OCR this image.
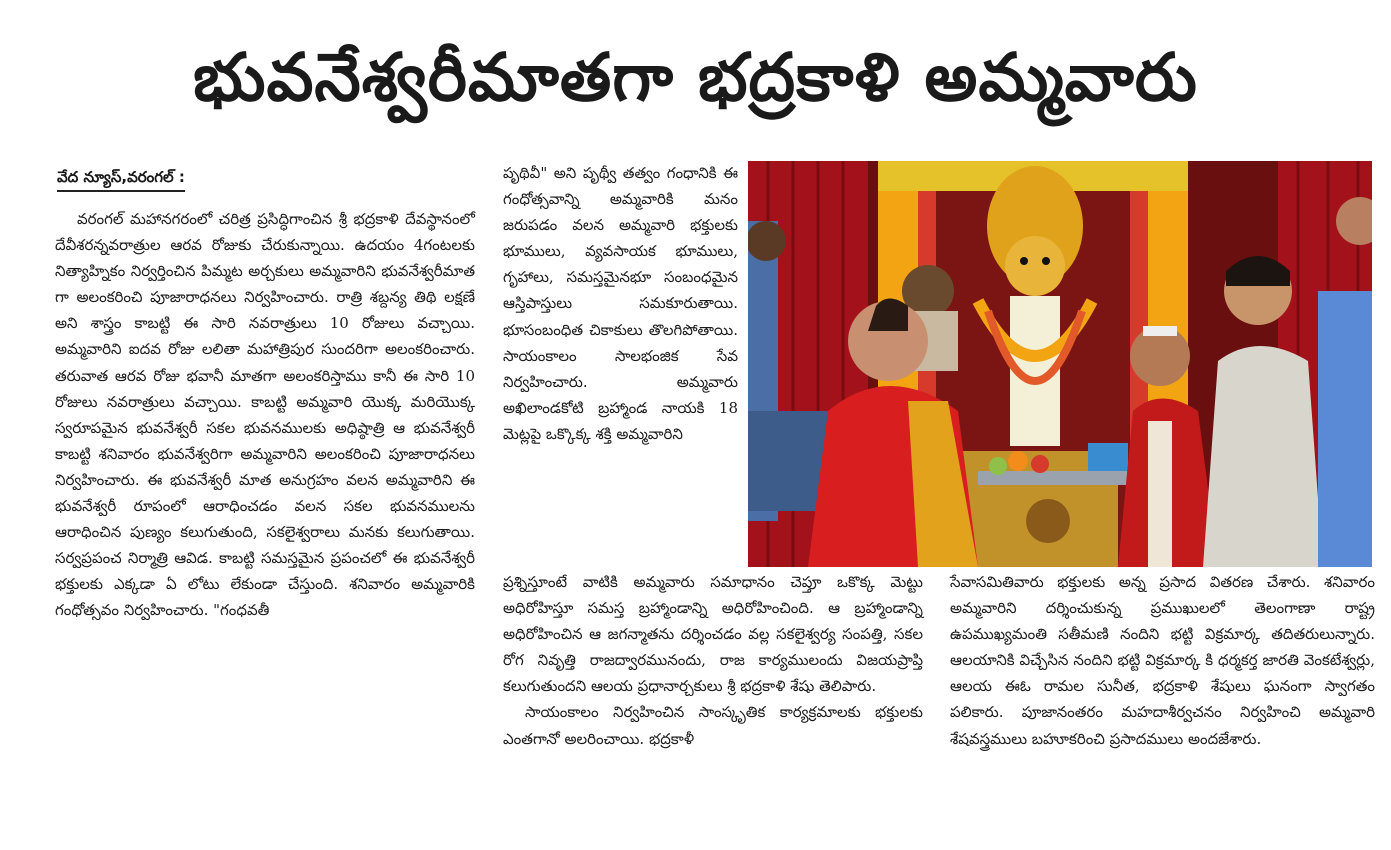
భువనేశ్వరీమాతగా భద్రకాళి అమ్మవారు
వేద న్యూస్,వరంగల్ :

వరంగల్ మహానగరంలో చరిత్ర ప్రసిద్ధిగాంచిన శ్రీ భద్రకాళి దేవస్థానంలో దేవీశరన్నవరాత్రుల ఆరవ రోజుకు చేరుకున్నాయి. ఉదయం 4గంటలకు నిత్యాహ్నికం నిర్వర్తించిన పిమ్మట అర్చకులు అమ్మవారిని భువనేశ్వరీమాత గా అలంకరించి పూజారాధనలు నిర్వహించారు. రాత్రి శబ్దన్య తిథి లక్షణే అని శాస్త్రం కాబట్టి ఈ సారి నవరాత్రులు 10 రోజులు వచ్చాయి. అమ్మవారిని ఐదవ రోజు లలితా మహాత్రిపుర సుందరిగా అలంకరించారు. తరువాత ఆరవ రోజు భవానీ మాతగా అలంకరిస్తాము కానీ ఈ సారి 10 రోజులు నవరాత్రులు వచ్చాయి. కాబట్టి అమ్మవారి యొక్క మరియొక్క స్వరూపమైన భువనేశ్వరీ సకల భువనములకు అధిష్ఠాత్రి ఆ భువనేశ్వరీ కాబట్టి శనివారం భువనేశ్వరిగా అమ్మవారిని అలంకరించి పూజారాధనలు నిర్వహించారు. ఈ భువనేశ్వరీ మాత అనుగ్రహం వలన అమ్మవారిని ఈ భువనేశ్వరీ రూపంలో ఆరాధించడం వలన సకల భువనములను ఆరాధించిన పుణ్యం కలుగుతుంది, సకలైశ్వరాలు మనకు కలుగుతాయి. సర్వప్రపంచ నిర్మాత్రి ఆవిడ. కాబట్టి సమస్తమైన ప్రపంచలో ఈ భువనేశ్వరీ భక్తులకు ఎక్కడా ఏ లోటు లేకుండా చేస్తుంది. శనివారం అమ్మవారికి గంధోత్సవం నిర్వహించారు. "గంధవతీ

పృథివీ" అని పృథ్వీ తత్వం గంధానికి ఈ గంధోత్సవాన్ని అమ్మవారికి మనం జరుపడం వలన అమ్మవారి భక్తులకు భూములు, వ్యవసాయక భూములు, గృహాలు, సమస్తమైనభూ సంబంధమైన ఆస్తిపాస్తులు సమకూరుతాయి. భూసంబంధిత చికాకులు తొలగిపోతాయి. సాయంకాలం సాలభంజిక సేవ నిర్వహించారు. అమ్మవారు అఖిలాండకోటి బ్రహ్మాండ నాయకి 18 మెట్లపై ఒక్కొక్క శక్తి అమ్మవారిని

ప్రశ్నిస్తూంటే వాటికి అమ్మవారు సమాధానం చెప్తూ ఒకొక్క మెట్టు అధిరోహిస్తూ సమస్త బ్రహ్మాండాన్ని అధిరోహించింది. ఆ బ్రహ్మాండాన్ని అధిరోహించిన ఆ జగన్మాతను దర్శించడం వల్ల సకలైశ్వర్య సంపత్తి, సకల రోగ నివృత్తి రాజద్వారమునందు, రాజ కార్యములందు విజయప్రాప్తి కలుగుతుందని ఆలయ ప్రధానార్చకులు శ్రీ భద్రకాళి శేషు తెలిపారు.

సాయంకాలం నిర్వహించిన సాంస్కృతిక కార్యక్రమాలకు భక్తులకు ఎంతగానో అలరించాయి. భద్రకాళీ

సేవాసమితివారు భక్తులకు అన్న ప్రసాద వితరణ చేశారు. శనివారం అమ్మవారిని దర్శించుకున్న ప్రముఖులలో తెలంగాణా రాష్ట్ర ఉపముఖ్యమంతి సతీమణి నందిని భట్టి విక్రమార్క తదితరులున్నారు. ఆలయానికి విచ్చేసిన నందిని భట్టి విక్రమార్క కి ధర్మకర్త జారతి వెంకటేశ్వర్లు, ఆలయ ఈఓ రామల సునీత, భద్రకాళి శేషులు ఘనంగా స్వాగతం పలికారు. పూజానంతరం మహదాశీర్వచనం నిర్వహించి అమ్మవారి శేషవస్త్రములు బహూకరించి ప్రసాదములు అందజేశారు.
